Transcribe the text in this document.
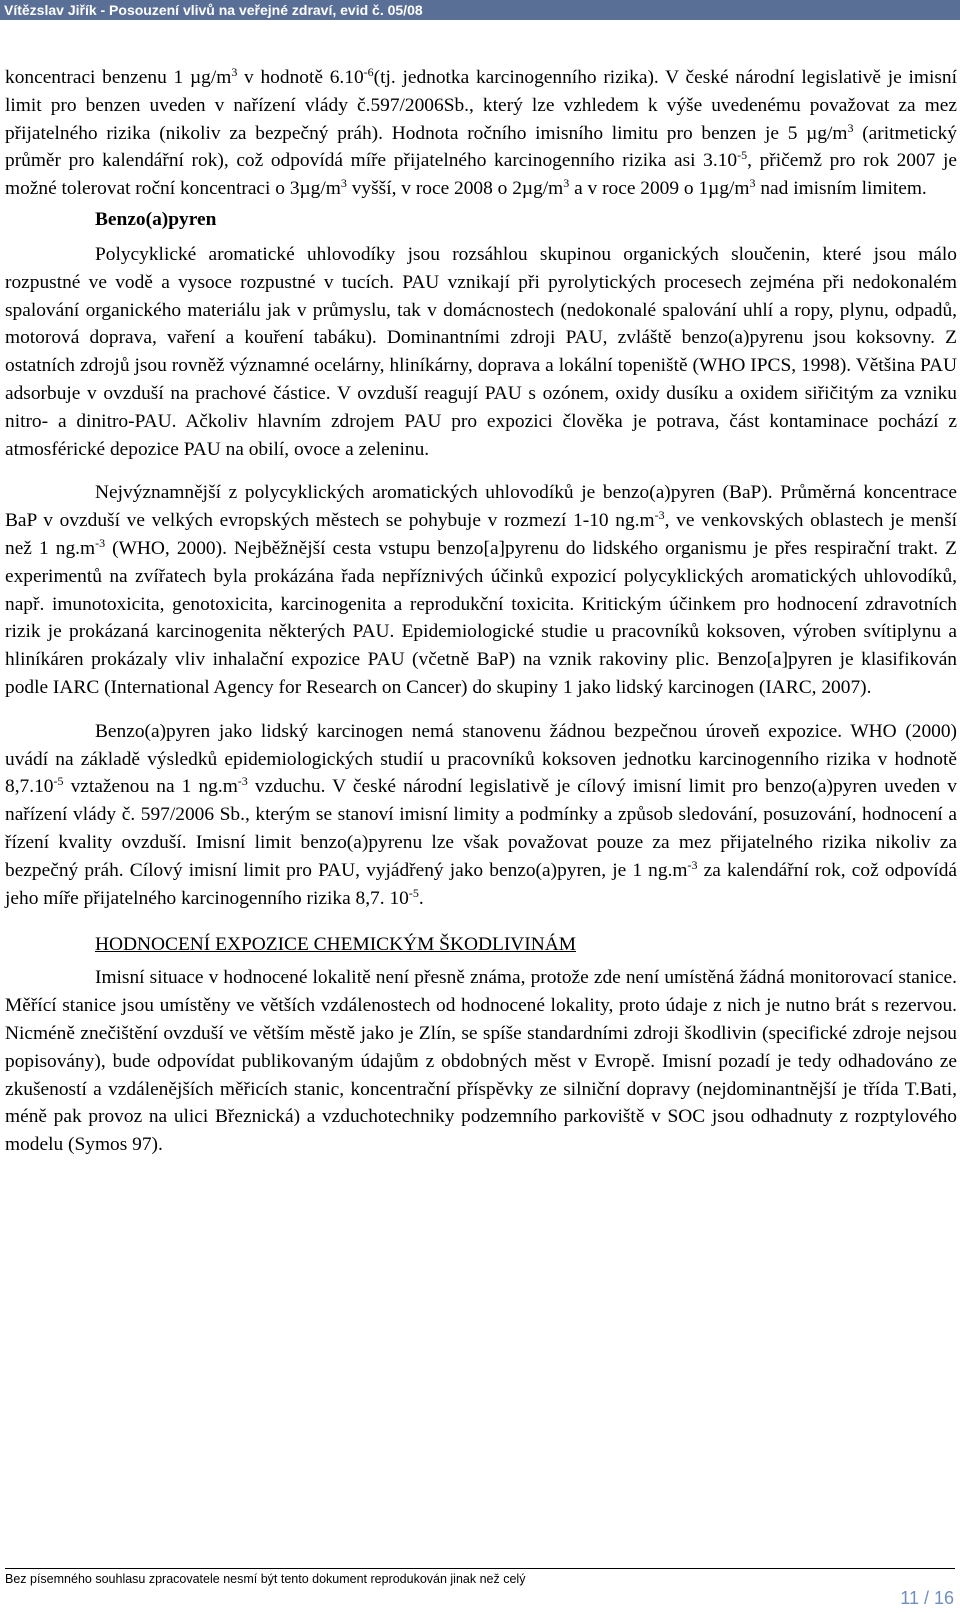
Vítězslav Jiřík - Posouzení vlivů na veřejné zdraví, evid č. 05/08

koncentraci benzenu 1 $\mu g/m^3$ v hodnotě $6.10^{-6}(tj$. jednotka karcinogenního rizika). V české národní legislativě je imisní limit pro benzen uveden v nařízení vlády č.597/2006Sb., který lze vzhledem k výše uvedenému považovat za mez přijatelného rizika (nikoliv za bezpečný práh). Hodnota ročního imisního limitu pro benzen je 5 $\mu g/m^3$ (aritmetický průměr pro kalendářní rok), což odpovídá míře přijatelného karcinogenního rizika asi $3.10^{-5}$, přičemž pro rok 2007 je možné tolerovat roční koncentraci o $3\mu g/m^3$ vyšší, v roce 2008 o $2\mu g/m^3$ a v roce 2009 o $1\mu g/m^3$ nad imisním limitem.

Benzo(a)pyren

Polycyklické aromatické uhlovodíky jsou rozsáhlou skupinou organických sloučenin, které jsou málo rozpustné ve vodě a vysoce rozpustné v tucích. PAU vznikají při pyrolytických procesech zejména při nedokonalém spalování organického materiálu jak v průmyslu, tak v domácnostech (nedokonalé spalování uhlí a ropy, plynu, odpadů, motorová doprava, vaření a kouření tabáku). Dominantními zdroji PAU, zvláště benzo(a)pyrenu jsou koksovny. Z ostatních zdrojů jsou rovněž významné ocelárny, hliníkárny, doprava a lokální topeniště (WHO IPCS, 1998). Většina PAU adsorbuje v ovzduší na prachové částice. V ovzduší reagují PAU s ozónem, oxidy dusíku a oxidem siřičitým za vzniku nitro- a dinitro-PAU. Ačkoliv hlavním zdrojem PAU pro expozici člověka je potrava, část kontaminace pochází z atmosférické depozice PAU na obilí, ovoce a zeleninu.

Nejvýznamnější z polycyklických aromatických uhlovodíků je benzo(a)pyren (BaP). Průměrná koncentrace BaP v ovzduší ve velkých evropských městech se pohybuje v rozmezí 1-10 $ng.m^{-3}$, ve venkovských oblastech je menší než 1 $ng.m^{-3}$ (WHO, 2000). Nejběžnější cesta vstupu benzo[a]pyrenu do lidského organismu je přes respirační trakt. Z experimentů na zvířatech byla prokázána řada nepříznivých účinků expozicí polycyklických aromatických uhlovodíků, např. imunotoxicita, genotoxicita, karcinogenita a reprodukční toxicita. Kritickým účinkem pro hodnocení zdravotních rizik je prokázaná karcinogenita některých PAU. Epidemiologické studie u pracovníků koksoven, výroben svítiplynu a hliníkáren prokázaly vliv inhalační expozice PAU (včetně BaP) na vznik rakoviny plic. Benzo[a]pyren je klasifikován podle IARC (International Agency for Research on Cancer) do skupiny 1 jako lidský karcinogen (IARC, 2007).

Benzo(a)pyren jako lidský karcinogen nemá stanovenu žádnou bezpečnou úroveň expozice. WHO (2000) uvádí na základě výsledků epidemiologických studií u pracovníků koksoven jednotku karcinogenního rizika v hodnotě $8,7.10^{-5}$ vztaženou na 1 $ng.m^{-3}$ vzduchu. V české národní legislativě je cílový imisní limit pro benzo(a)pyren uveden v nařízení vlády č. 597/2006 Sb., kterým se stanoví imisní limity a podmínky a způsob sledování, posuzování, hodnocení a řízení kvality ovzduší. Imisní limit benzo(a)pyrenu lze však považovat pouze za mez přijatelného rizika nikoliv za bezpečný práh. Cílový imisní limit pro PAU, vyjádřený jako benzo(a)pyren, je 1 $ng.m^{-3}$ za kalendářní rok, což odpovídá jeho míře přijatelného karcinogenního rizika 8,7. $10^{-5}$.

HODNOCENÍ EXPOZICE CHEMICKÝM ŠKODLIVINÁM

Imisní situace v hodnocené lokalitě není přesně známa, protože zde není umístěná žádná monitorovací stanice. Měřící stanice jsou umístěny ve větších vzdálenostech od hodnocené lokality, proto údaje z nich je nutno brát s rezervou. Nicméně znečištění ovzduší ve větším městě jako je Zlín, se spíše standardními zdroji škodlivin (specifické zdroje nejsou popisovány), bude odpovídat publikovaným údajům z obdobných měst v Evropě. Imisní pozadí je tedy odhadováno ze zkušeností a vzdálenějších měřicích stanic, koncentrační příspěvky ze silniční dopravy (nejdominantnější je třída T.Bati, méně pak provoz na ulici Březnická) a vzduchotechniky podzemního parkoviště v SOC jsou odhadnuty z rozptylového modelu (Symos 97).

Bez písemného souhlasu zpracovatele nesmí být tento dokument reprodukován jinak než celý
11 / 16
